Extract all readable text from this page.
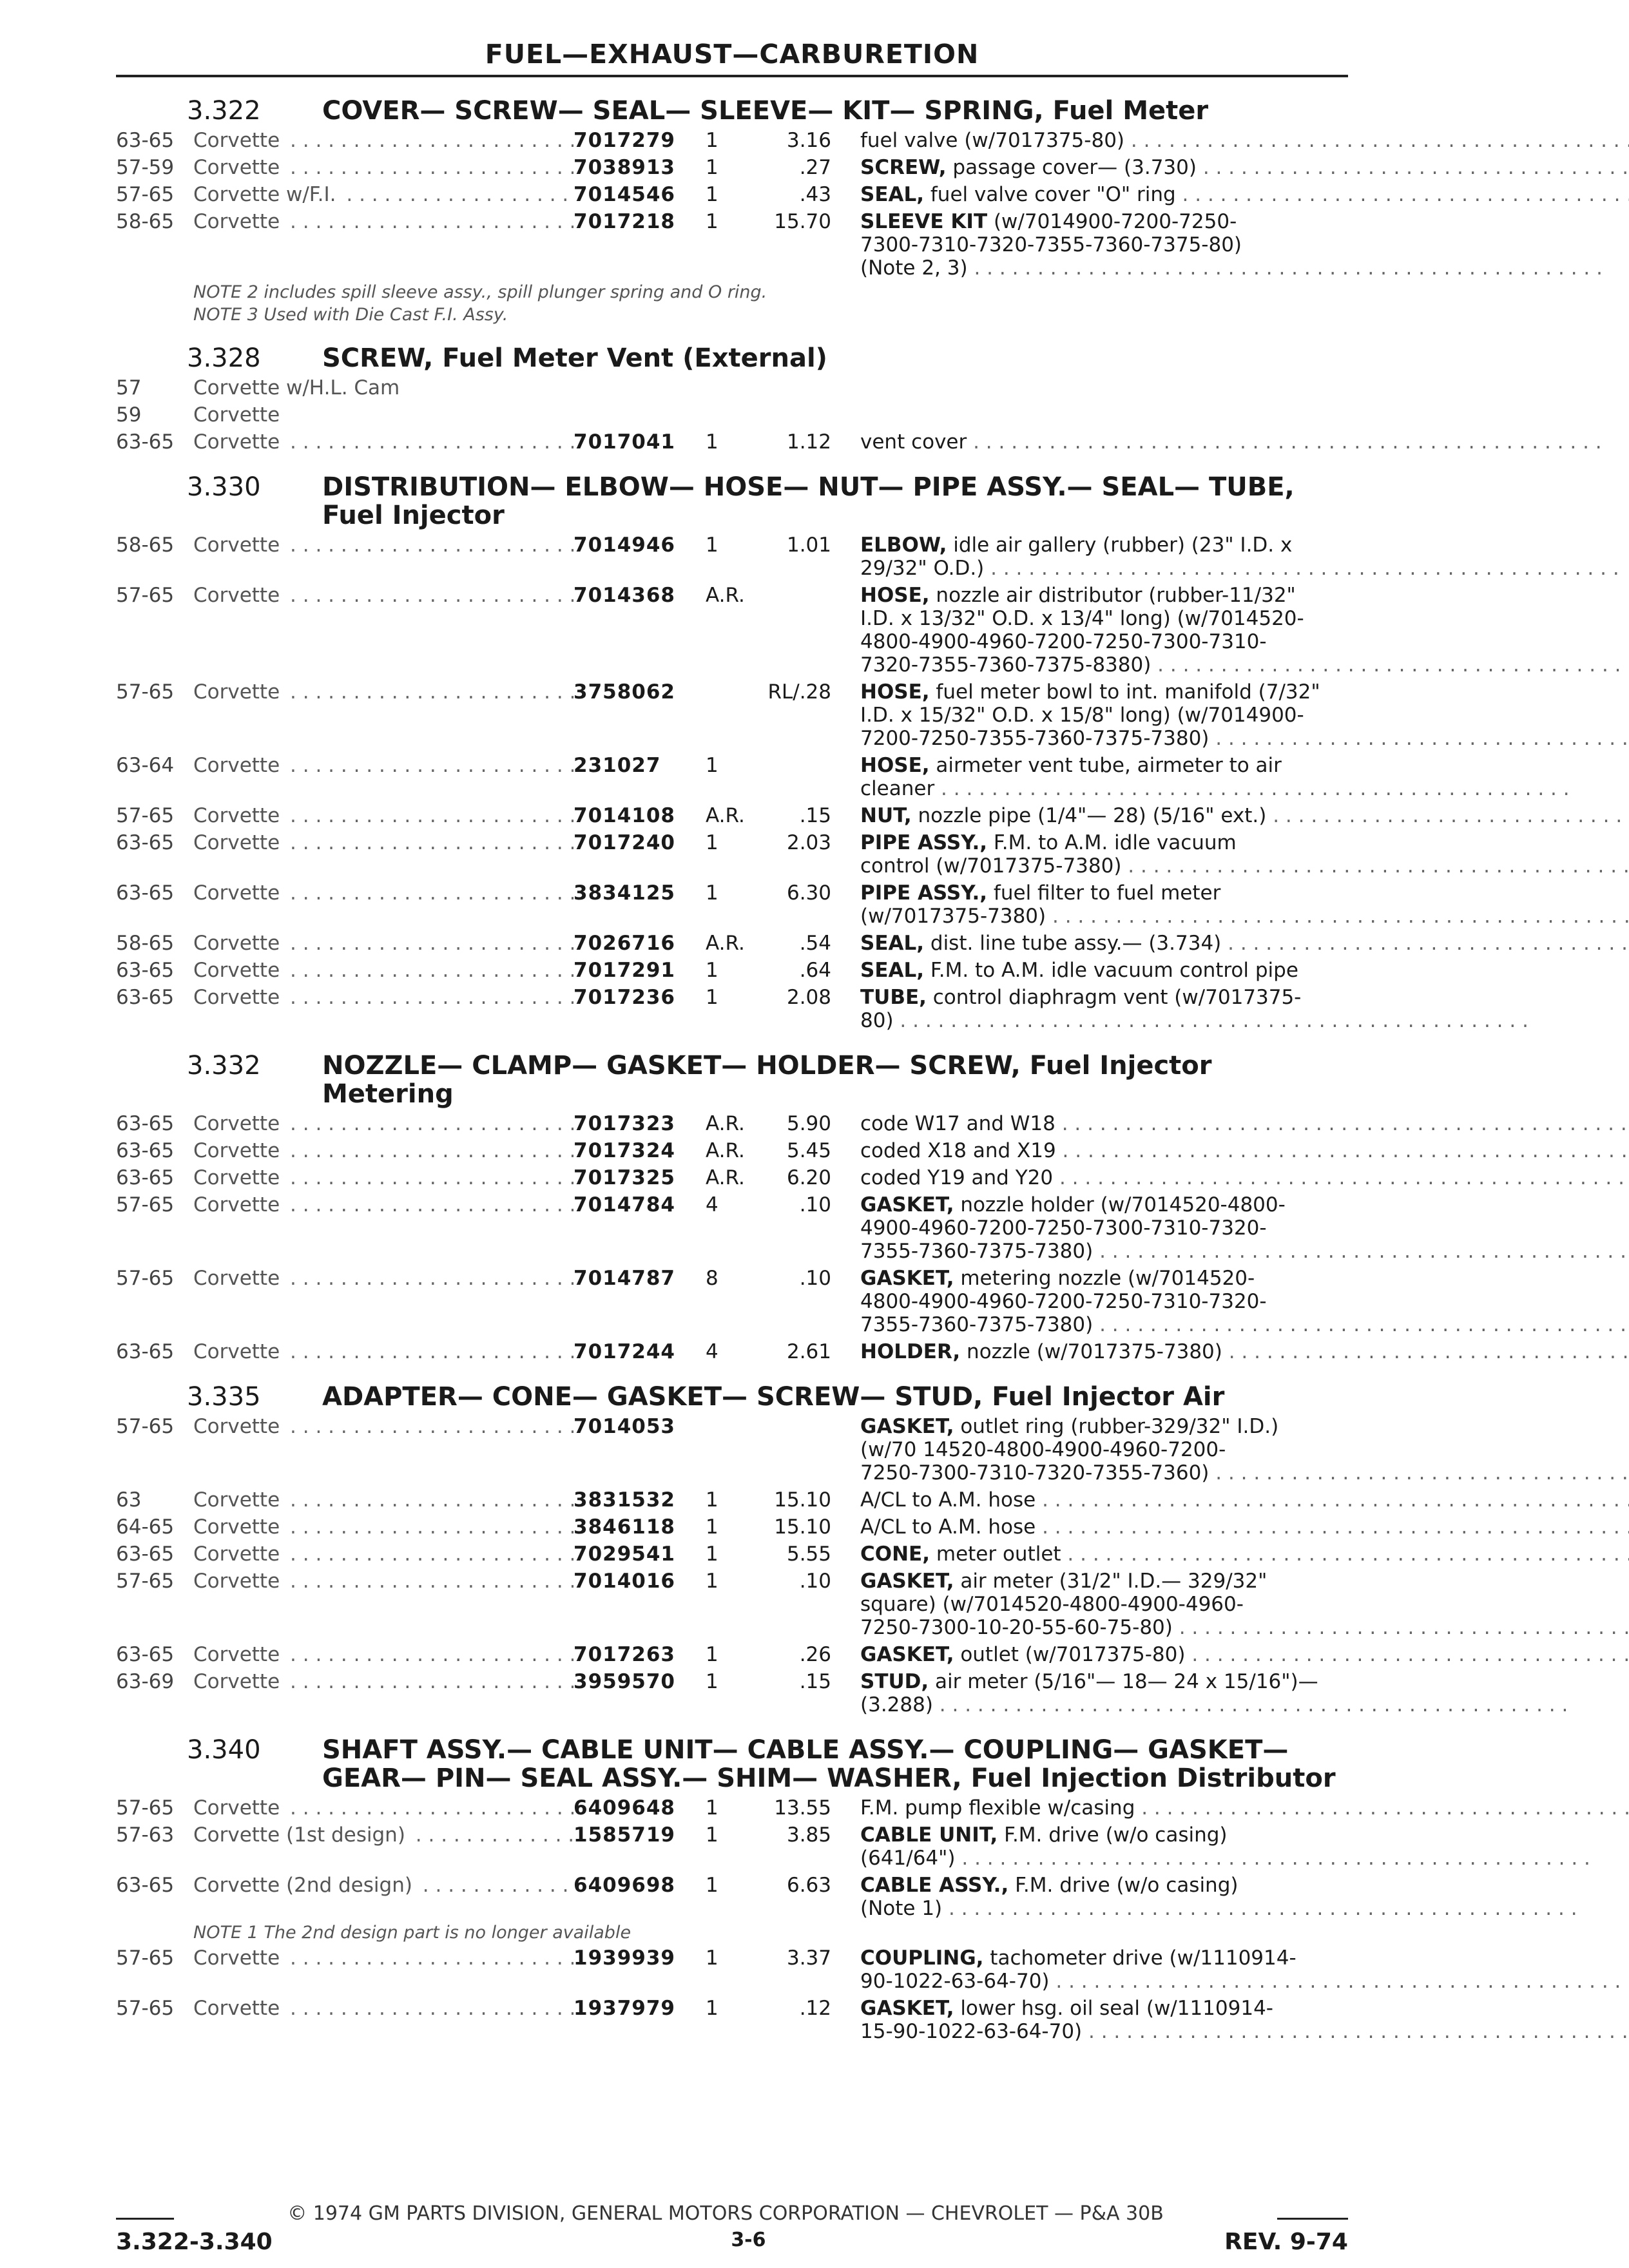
FUEL—EXHAUST—CARBURETION
3.322	COVER— SCREW— SEAL— SLEEVE— KIT— SPRING, Fuel Meter
63-65 Corvette . . .	7017279	1	3.16	fuel valve (w/7017375-80) . . .
57-59 Corvette . . .	7038913	1	.27	SCREW, passage cover— (3.730) . . .
57-65 Corvette w/F.I. . . .	7014546	1	.43	SEAL, fuel valve cover "O" ring . . .
58-65 Corvette . . .	7017218	1	15.70	SLEEVE KIT (w/7014900-7200-7250-
7300-7310-7320-7355-7360-7375-80)
(Note 2, 3) . . .
NOTE 2 includes spill sleeve assy., spill plunger spring and O ring.
NOTE 3 Used with Die Cast F.I. Assy.
3.328	SCREW, Fuel Meter Vent (External)
57	Corvette w/H.L. Cam
59	Corvette
63-65 Corvette . . .	7017041	1	1.12	vent cover . . .
3.330	DISTRIBUTION— ELBOW— HOSE— NUT— PIPE ASSY.— SEAL— TUBE, Fuel Injector
58-65 Corvette . . .	7014946	1	1.01	ELBOW, idle air gallery (rubber) (23" I.D. x
29/32" O.D.) . . .
57-65 Corvette . . .	7014368	A.R.	HOSE, nozzle air distributor (rubber-11/32"
I.D. x 13/32" O.D. x 13/4" long) (w/7014520-
4800-4900-4960-7200-7250-7300-7310-
7320-7355-7360-7375-8380) . . .
57-65 Corvette . . .	3758062	RL/.28	HOSE, fuel meter bowl to int. manifold (7/32"
I.D. x 15/32" O.D. x 15/8" long) (w/7014900-
7200-7250-7355-7360-7375-7380) . . .
63-64 Corvette . . .	231027	1	HOSE, airmeter vent tube, airmeter to air
cleaner . . .
57-65 Corvette . . .	7014108	A.R.	.15	NUT, nozzle pipe (1/4"— 28) (5/16" ext.) . . .
63-65 Corvette . . .	7017240	1	2.03	PIPE ASSY., F.M. to A.M. idle vacuum
control (w/7017375-7380) . . .
63-65 Corvette . . .	3834125	1	6.30	PIPE ASSY., fuel filter to fuel meter
(w/7017375-7380) . . .
58-65 Corvette . . .	7026716	A.R.	.54	SEAL, dist. line tube assy.— (3.734) . . .
63-65 Corvette . . .	7017291	1	.64	SEAL, F.M. to A.M. idle vacuum control pipe
63-65 Corvette . . .	7017236	1	2.08	TUBE, control diaphragm vent (w/7017375-
80) . . .
3.332	NOZZLE— CLAMP— GASKET— HOLDER— SCREW, Fuel Injector Metering
63-65 Corvette . . .	7017323	A.R.	5.90	code W17 and W18 . . .
63-65 Corvette . . .	7017324	A.R.	5.45	coded X18 and X19 . . .
63-65 Corvette . . .	7017325	A.R.	6.20	coded Y19 and Y20 . . .
57-65 Corvette . . .	7014784	4	.10	GASKET, nozzle holder (w/7014520-4800-
4900-4960-7200-7250-7300-7310-7320-
7355-7360-7375-7380) . . .
57-65 Corvette . . .	7014787	8	.10	GASKET, metering nozzle (w/7014520-
4800-4900-4960-7200-7250-7310-7320-
7355-7360-7375-7380) . . .
63-65 Corvette . . .	7017244	4	2.61	HOLDER, nozzle (w/7017375-7380) . . .
3.335	ADAPTER— CONE— GASKET— SCREW— STUD, Fuel Injector Air
57-65 Corvette . . .	7014053	GASKET, outlet ring (rubber-329/32" I.D.)
(w/70 14520-4800-4900-4960-7200-
7250-7300-7310-7320-7355-7360) . . .
63	Corvette . . .	3831532	1	15.10	A/CL to A.M. hose . . .
64-65 Corvette . . .	3846118	1	15.10	A/CL to A.M. hose . . .
63-65 Corvette . . .	7029541	1	5.55	CONE, meter outlet . . .
57-65 Corvette . . .	7014016	1	.10	GASKET, air meter (31/2" I.D.— 329/32"
square) (w/7014520-4800-4900-4960-
7250-7300-10-20-55-60-75-80) . . .
63-65 Corvette . . .	7017263	1	.26	GASKET, outlet (w/7017375-80) . . .
63-69 Corvette . . .	3959570	1	.15	STUD, air meter (5/16"— 18— 24 x 15/16")—
(3.288) . . .
3.340	SHAFT ASSY.— CABLE UNIT— CABLE ASSY.— COUPLING— GASKET— GEAR— PIN— SEAL ASSY.— SHIM— WASHER, Fuel Injection Distributor
57-65 Corvette . . .	6409648	1	13.55	F.M. pump flexible w/casing . . .
57-63 Corvette (1st design) . . .	1585719	1	3.85	CABLE UNIT, F.M. drive (w/o casing)
(641/64") . . .
63-65 Corvette (2nd design) . . .	6409698	1	6.63	CABLE ASSY., F.M. drive (w/o casing)
(Note 1) . . .
NOTE 1 The 2nd design part is no longer available
57-65 Corvette . . .	1939939	1	3.37	COUPLING, tachometer drive (w/1110914-
90-1022-63-64-70) . . .
57-65 Corvette . . .	1937979	1	.12	GASKET, lower hsg. oil seal (w/1110914-
15-90-1022-63-64-70) . . .
© 1974 GM PARTS DIVISION, GENERAL MOTORS CORPORATION — CHEVROLET — P&A 30B
3.322-3.340	3-6	REV. 9-74
